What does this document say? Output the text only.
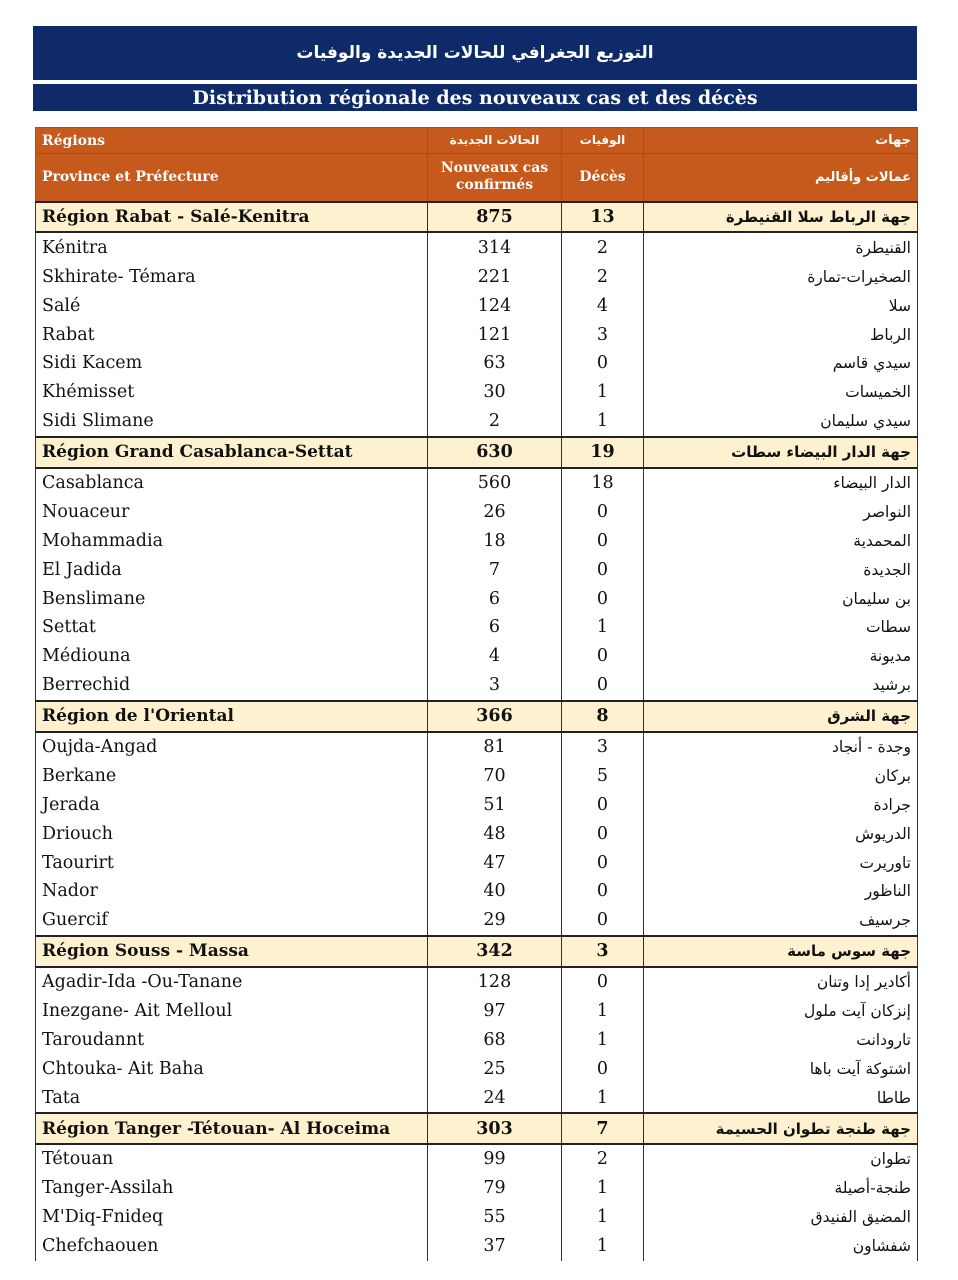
التوزيع الجغرافي للحالات الجديدة والوفيات
Distribution régionale des nouveaux cas et des décès
Régions	الحالات الجديدة	الوفيات	جهات
Province et Préfecture	Nouveaux cas confirmés	Décès	عمالات وأقاليم
Région Rabat - Salé-Kenitra	875	13	جهة الرباط سلا القنيطرة
Kénitra	314	2	القنيطرة
Skhirate- Témara	221	2	الصخيرات-تمارة
Salé	124	4	سلا
Rabat	121	3	الرباط
Sidi Kacem	63	0	سيدي قاسم
Khémisset	30	1	الخميسات
Sidi Slimane	2	1	سيدي سليمان
Région Grand Casablanca-Settat	630	19	جهة الدار البيضاء سطات
Casablanca	560	18	الدار البيضاء
Nouaceur	26	0	النواصر
Mohammadia	18	0	المحمدية
El Jadida	7	0	الجديدة
Benslimane	6	0	بن سليمان
Settat	6	1	سطات
Médiouna	4	0	مديونة
Berrechid	3	0	برشيد
Région de l'Oriental	366	8	جهة الشرق
Oujda-Angad	81	3	وجدة - أنجاد
Berkane	70	5	بركان
Jerada	51	0	جرادة
Driouch	48	0	الدريوش
Taourirt	47	0	تاوريرت
Nador	40	0	الناظور
Guercif	29	0	جرسيف
Région Souss - Massa	342	3	جهة سوس ماسة
Agadir-Ida -Ou-Tanane	128	0	أكادير إدا وتنان
Inezgane- Ait Melloul	97	1	إنزكان آيت ملول
Taroudannt	68	1	تارودانت
Chtouka- Ait Baha	25	0	اشتوكة آيت باها
Tata	24	1	طاطا
Région Tanger -Tétouan- Al Hoceima	303	7	جهة طنجة تطوان الحسيمة
Tétouan	99	2	تطوان
Tanger-Assilah	79	1	طنجة-أصيلة
M'Diq-Fnideq	55	1	المضيق الفنيدق
Chefchaouen	37	1	شفشاون
